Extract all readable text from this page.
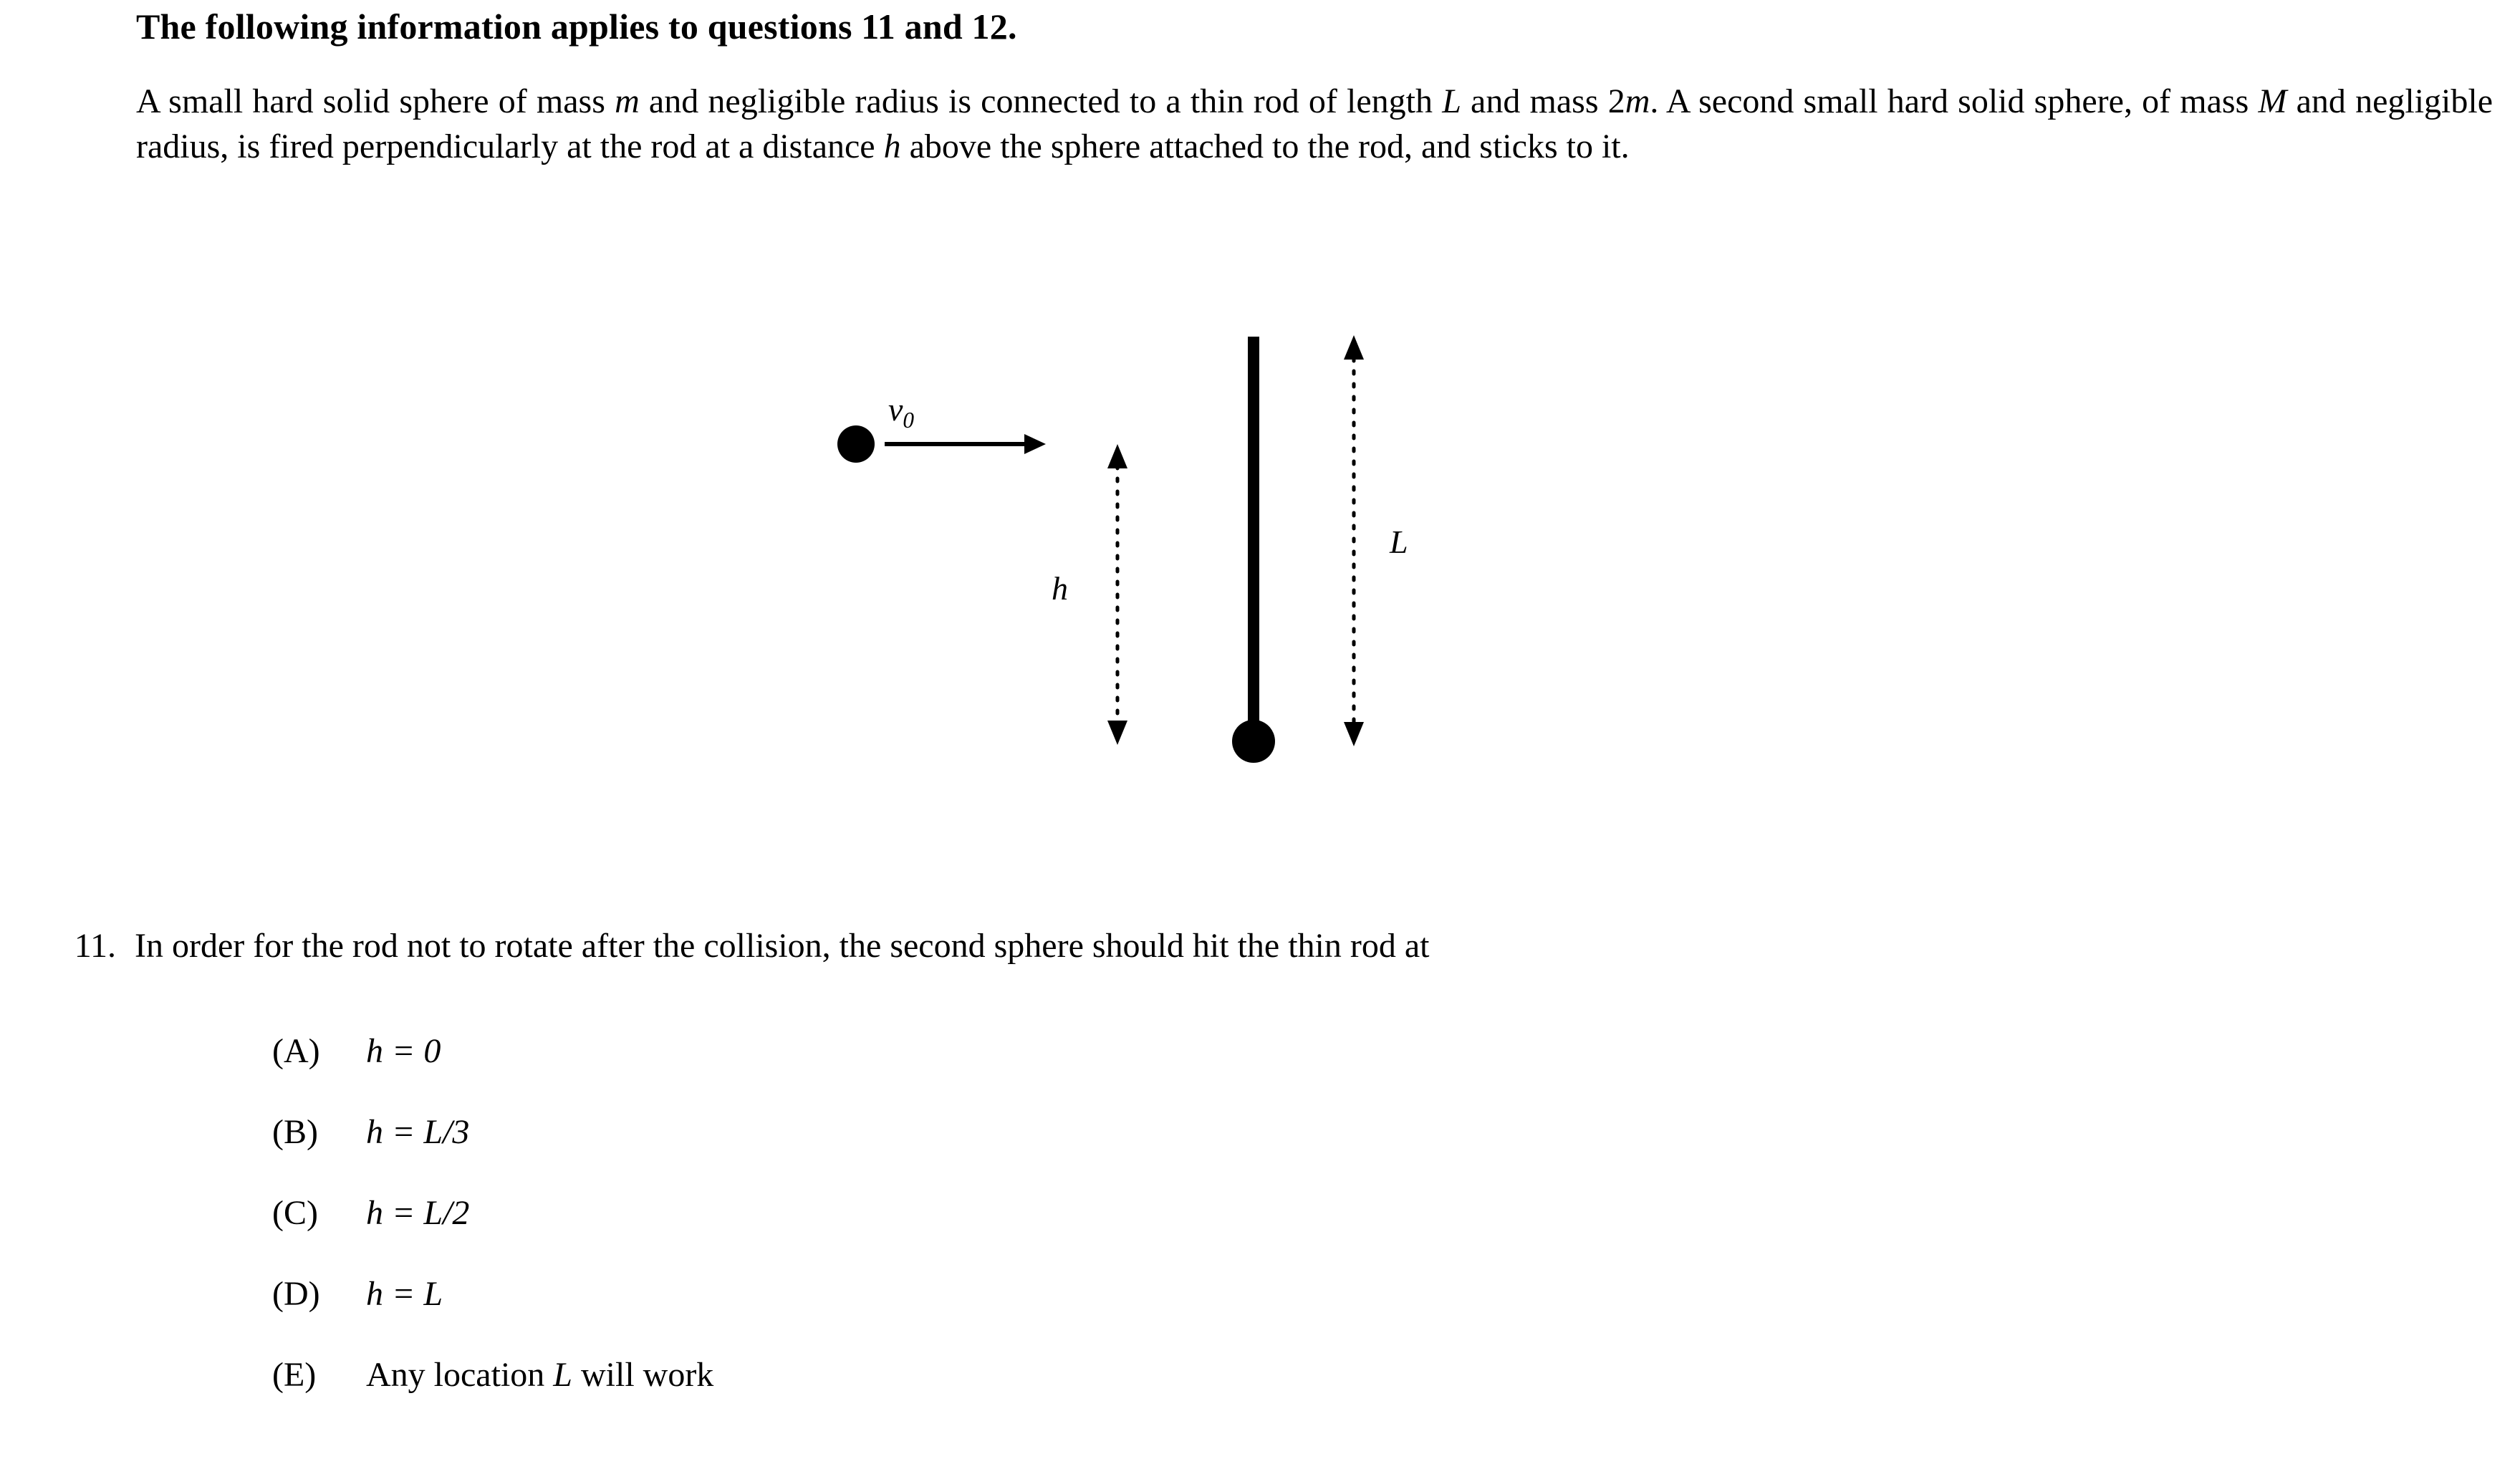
The following information applies to questions 11 and 12.
A small hard solid sphere of mass m and negligible radius is connected to a thin rod of length L and mass 2m. A second small hard solid sphere, of mass M and negligible radius, is fired perpendicularly at the rod at a distance h above the sphere attached to the rod, and sticks to it.
$v_0$
h
L
11. In order for the rod not to rotate after the collision, the second sphere should hit the thin rod at
(A)	h = 0
(B)	h = L/3
(C)	h = L/2
(D)	h = L
(E)	Any location L will work
